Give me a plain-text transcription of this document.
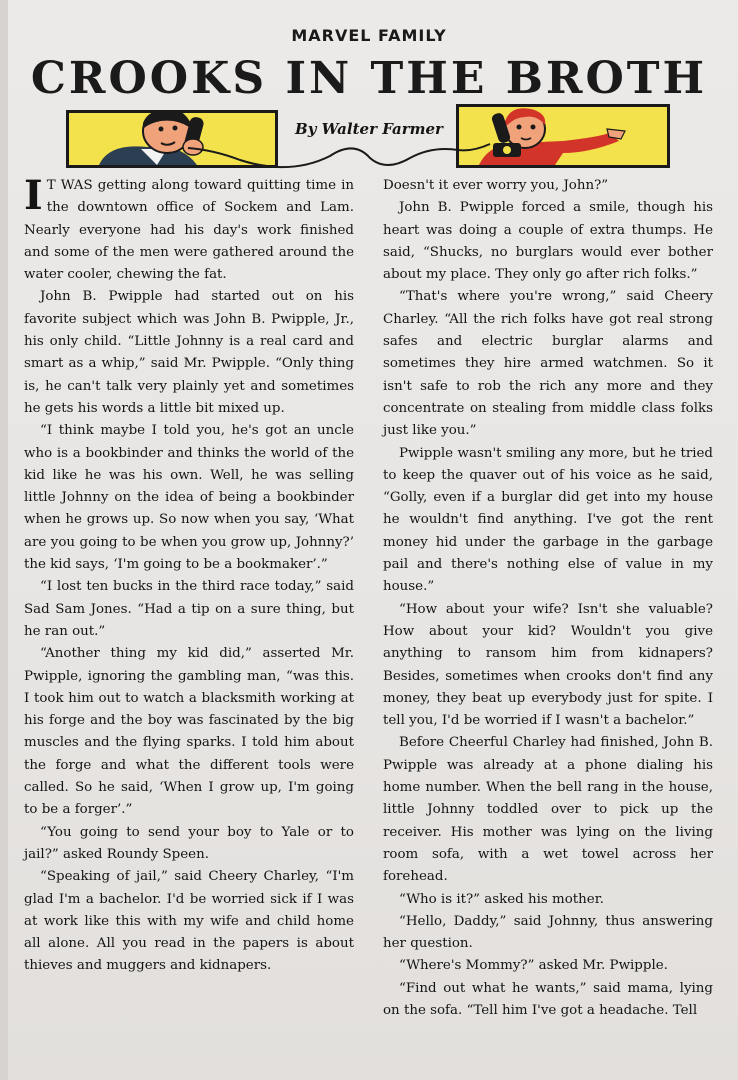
MARVEL FAMILY
CROOKS IN THE BROTH
By Walter Farmer

I T WAS getting along toward quitting time in the downtown office of Sockem and Lam. Nearly everyone had his day's work finished and some of the men were gathered around the water cooler, chewing the fat.

John B. Pwipple had started out on his favorite subject which was John B. Pwipple, Jr., his only child. “Little Johnny is a real card and smart as a whip,” said Mr. Pwipple. “Only thing is, he can't talk very plainly yet and sometimes he gets his words a little bit mixed up.

“I think maybe I told you, he's got an uncle who is a bookbinder and thinks the world of the kid like he was his own. Well, he was selling little Johnny on the idea of being a bookbinder when he grows up. So now when you say, ‘What are you going to be when you grow up, Johnny?’ the kid says, ‘I'm going to be a bookmaker’.”

“I lost ten bucks in the third race today,” said Sad Sam Jones. “Had a tip on a sure thing, but he ran out.”

“Another thing my kid did,” asserted Mr. Pwipple, ignoring the gambling man, “was this. I took him out to watch a blacksmith working at his forge and the boy was fascinated by the big muscles and the flying sparks. I told him about the forge and what the different tools were called. So he said, ‘When I grow up, I'm going to be a forger’.”

“You going to send your boy to Yale or to jail?” asked Roundy Speen.

“Speaking of jail,” said Cheery Charley, “I'm glad I'm a bachelor. I'd be worried sick if I was at work like this with my wife and child home all alone. All you read in the papers is about thieves and muggers and kidnapers.

Doesn't it ever worry you, John?”

John B. Pwipple forced a smile, though his heart was doing a couple of extra thumps. He said, “Shucks, no burglars would ever bother about my place. They only go after rich folks.”

“That's where you're wrong,” said Cheery Charley. “All the rich folks have got real strong safes and electric burglar alarms and sometimes they hire armed watchmen. So it isn't safe to rob the rich any more and they concentrate on stealing from middle class folks just like you.”

Pwipple wasn't smiling any more, but he tried to keep the quaver out of his voice as he said, “Golly, even if a burglar did get into my house he wouldn't find anything. I've got the rent money hid under the garbage in the garbage pail and there's nothing else of value in my house.”

“How about your wife? Isn't she valuable? How about your kid? Wouldn't you give anything to ransom him from kidnapers? Besides, sometimes when crooks don't find any money, they beat up everybody just for spite. I tell you, I'd be worried if I wasn't a bachelor.”

Before Cheerful Charley had finished, John B. Pwipple was already at a phone dialing his home number. When the bell rang in the house, little Johnny toddled over to pick up the receiver. His mother was lying on the living room sofa, with a wet towel across her forehead.

“Who is it?” asked his mother.

“Hello, Daddy,” said Johnny, thus answering her question.

“Where's Mommy?” asked Mr. Pwipple.

“Find out what he wants,” said mama, lying on the sofa. “Tell him I've got a headache. Tell
